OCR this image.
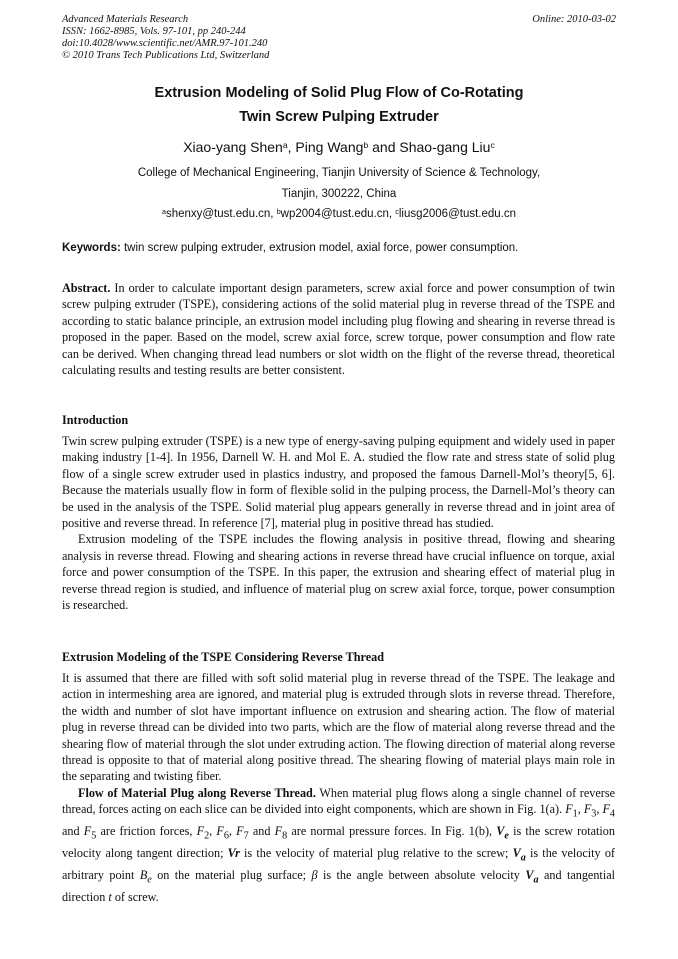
Advanced Materials Research
ISSN: 1662-8985, Vols. 97-101, pp 240-244
doi:10.4028/www.scientific.net/AMR.97-101.240
© 2010 Trans Tech Publications Ltd, Switzerland
Online: 2010-03-02
Extrusion Modeling of Solid Plug Flow of Co-Rotating
Twin Screw Pulping Extruder
Xiao-yang Shen$^a$, Ping Wang$^b$ and Shao-gang Liu$^c$
College of Mechanical Engineering, Tianjin University of Science & Technology,
Tianjin, 300222, China
$^a$shenxy@tust.edu.cn, $^b$wp2004@tust.edu.cn, $^c$liusg2006@tust.edu.cn
Keywords: twin screw pulping extruder, extrusion model, axial force, power consumption.

Abstract. In order to calculate important design parameters, screw axial force and power consumption of twin screw pulping extruder (TSPE), considering actions of the solid material plug in reverse thread of the TSPE and according to static balance principle, an extrusion model including plug flowing and shearing in reverse thread is proposed in the paper. Based on the model, screw axial force, screw torque, power consumption and flow rate can be derived. When changing thread lead numbers or slot width on the flight of the reverse thread, theoretical calculating results and testing results are better consistent.

Introduction

Twin screw pulping extruder (TSPE) is a new type of energy-saving pulping equipment and widely used in paper making industry [1-4]. In 1956, Darnell W. H. and Mol E. A. studied the flow rate and stress state of solid plug flow of a single screw extruder used in plastics industry, and proposed the famous Darnell-Mol’s theory[5, 6]. Because the materials usually flow in form of flexible solid in the pulping process, the Darnell-Mol’s theory can be used in the analysis of the TSPE. Solid material plug appears generally in reverse thread and in joint area of positive and reverse thread. In reference [7], material plug in positive thread has studied.

Extrusion modeling of the TSPE includes the flowing analysis in positive thread, flowing and shearing analysis in reverse thread. Flowing and shearing actions in reverse thread have crucial influence on torque, axial force and power consumption of the TSPE. In this paper, the extrusion and shearing effect of material plug in reverse thread region is studied, and influence of material plug on screw axial force, torque, power consumption is researched.

Extrusion Modeling of the TSPE Considering Reverse Thread

It is assumed that there are filled with soft solid material plug in reverse thread of the TSPE. The leakage and action in intermeshing area are ignored, and material plug is extruded through slots in reverse thread. Therefore, the width and number of slot have important influence on extrusion and shearing action. The flow of material plug in reverse thread can be divided into two parts, which are the flow of material along reverse thread and the shearing flow of material through the slot under extruding action. The flowing direction of material along reverse thread is opposite to that of material along positive thread. The shearing flowing of material plays main role in the separating and twisting fiber.

Flow of Material Plug along Reverse Thread. When material plug flows along a single channel of reverse thread, forces acting on each slice can be divided into eight components, which are shown in Fig. 1(a). $F_1$, $F_3$, $F_4$ and $F_5$ are friction forces, $F_2$, $F_6$, $F_7$ and $F_8$ are normal pressure forces. In Fig. 1(b), $V_e$ is the screw rotation velocity along tangent direction; Vr is the velocity of material plug relative to the screw; $V_a$ is the velocity of arbitrary point $B_e$ on the material plug surface; β is the angle between absolute velocity $V_a$ and tangential direction t of screw.
